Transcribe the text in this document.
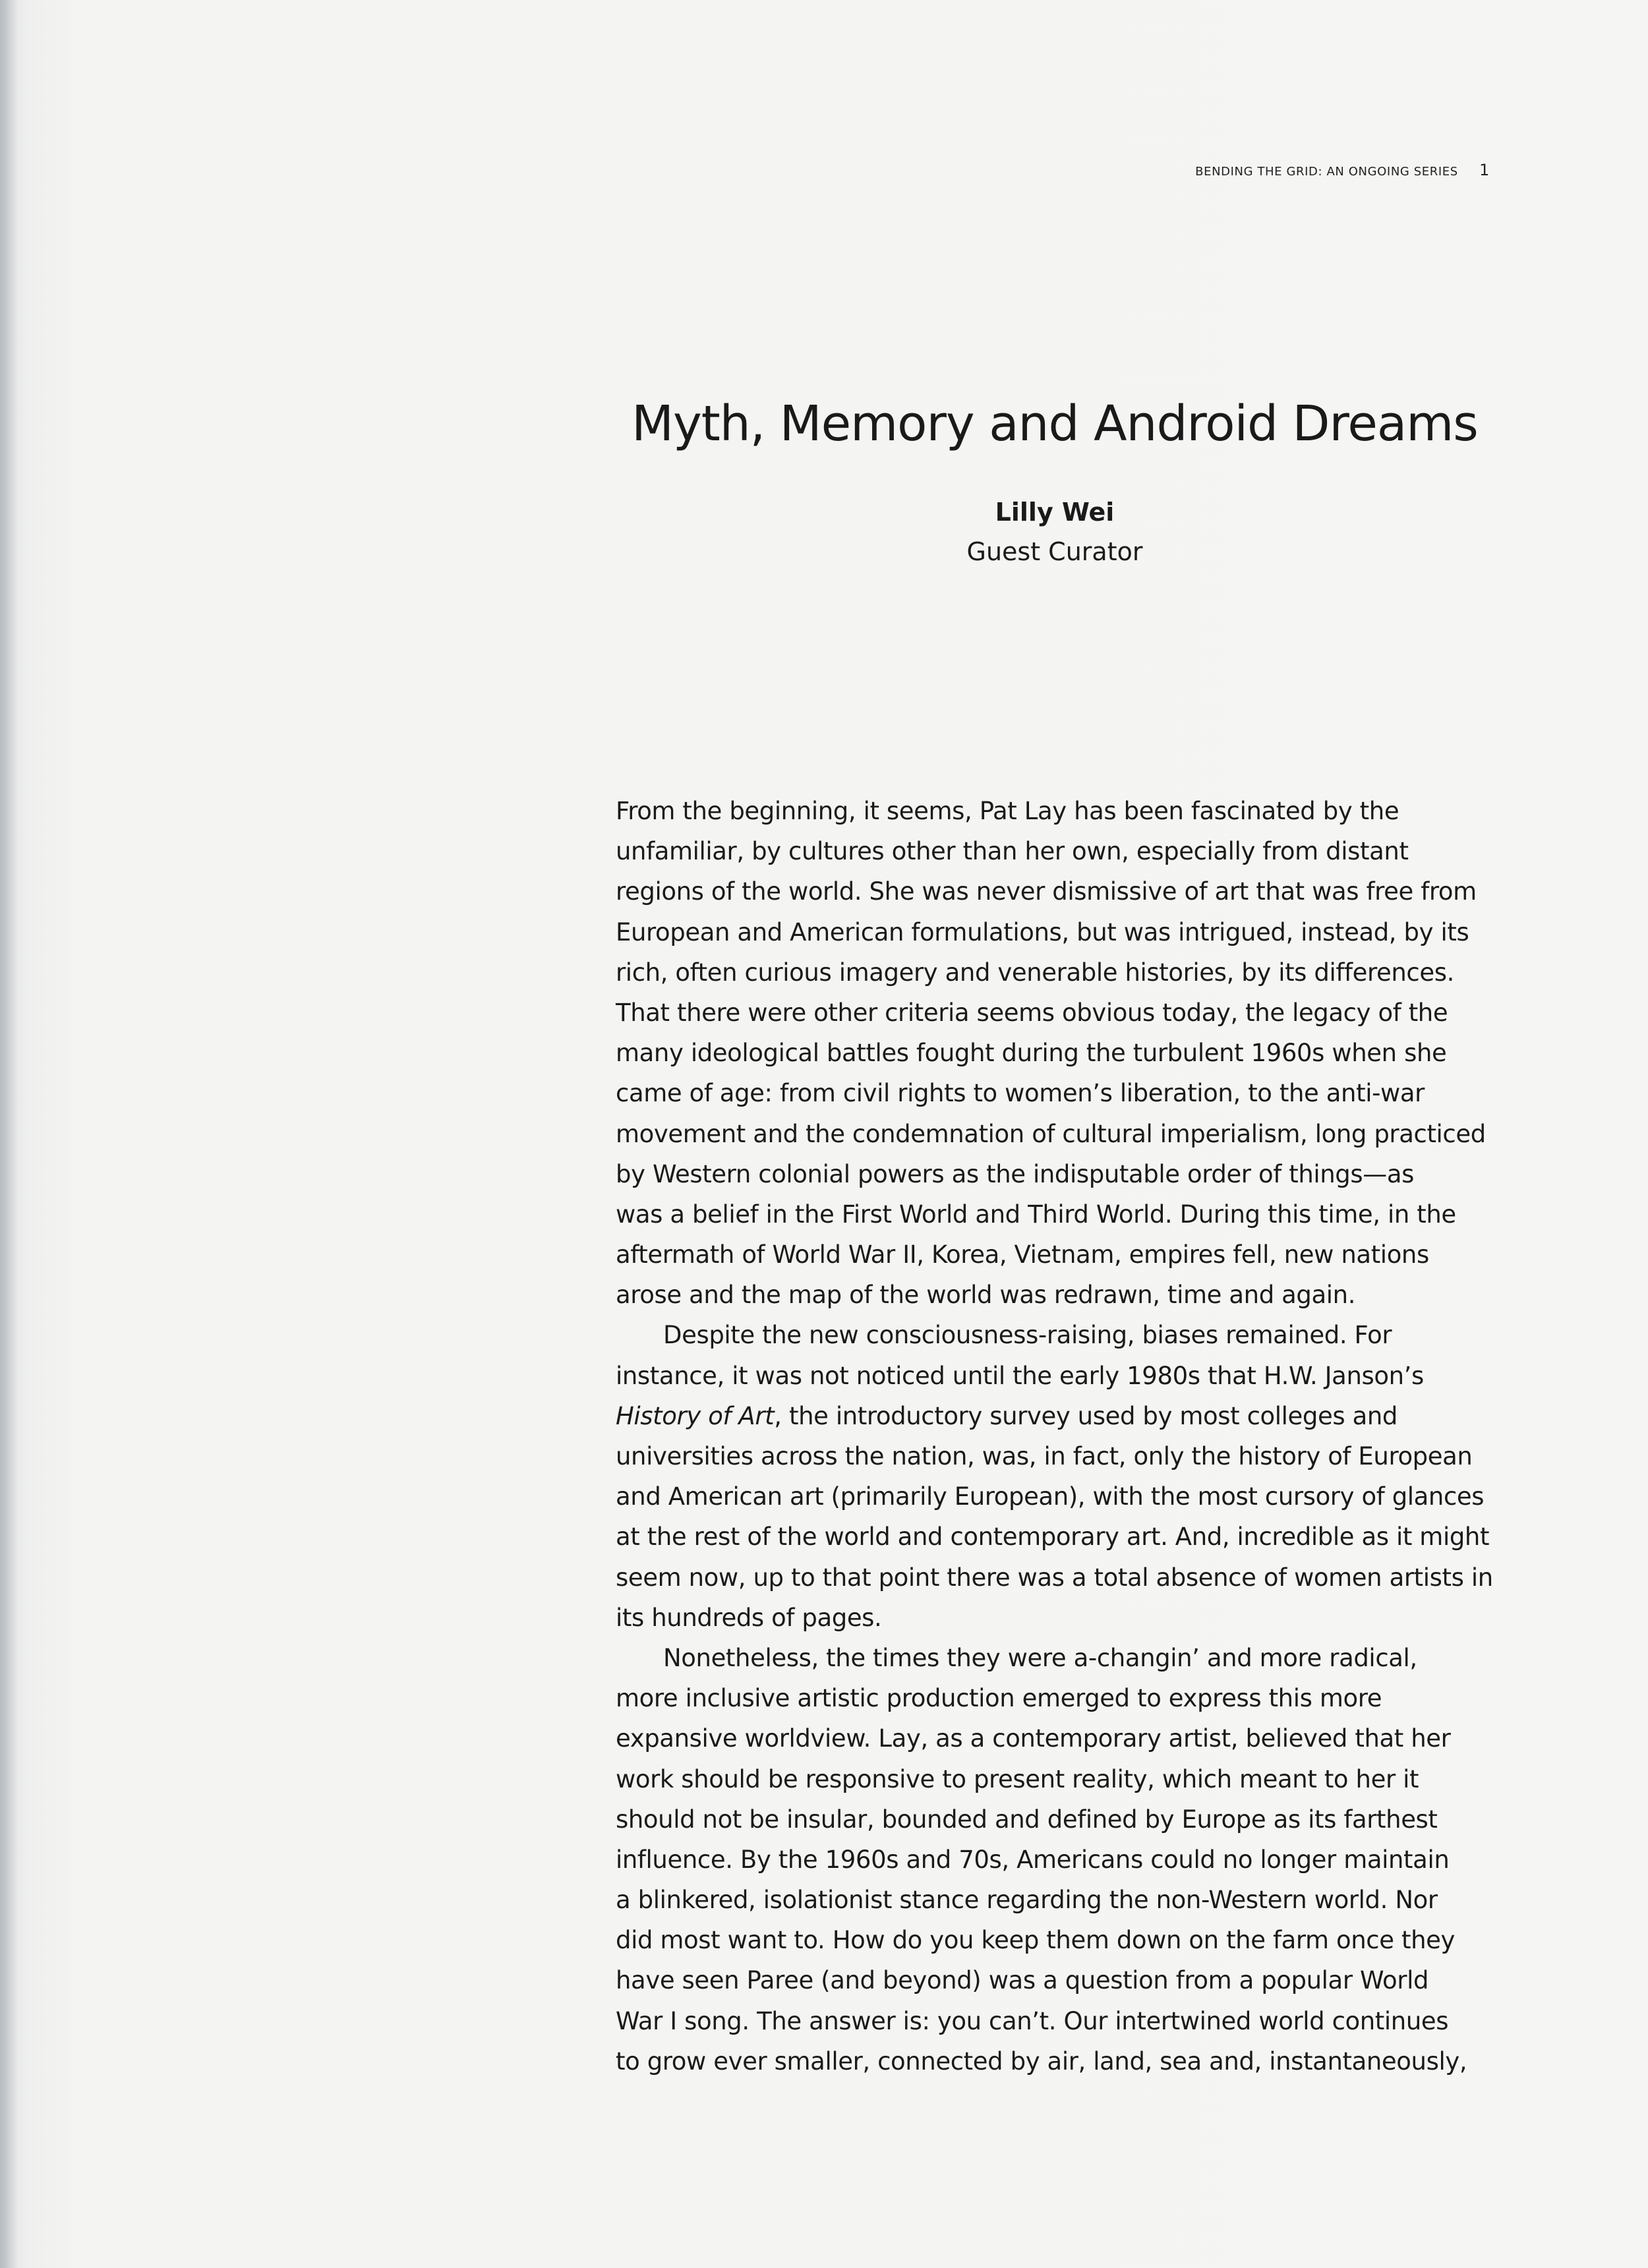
BENDING THE GRID: AN ONGOING SERIES 1
Myth, Memory and Android Dreams
Lilly Wei
Guest Curator
From the beginning, it seems, Pat Lay has been fascinated by the
unfamiliar, by cultures other than her own, especially from distant
regions of the world. She was never dismissive of art that was free from
European and American formulations, but was intrigued, instead, by its
rich, often curious imagery and venerable histories, by its differences.
That there were other criteria seems obvious today, the legacy of the
many ideological battles fought during the turbulent 1960s when she
came of age: from civil rights to women’s liberation, to the anti-war
movement and the condemnation of cultural imperialism, long practiced
by Western colonial powers as the indisputable order of things—as
was a belief in the First World and Third World. During this time, in the
aftermath of World War II, Korea, Vietnam, empires fell, new nations
arose and the map of the world was redrawn, time and again.
Despite the new consciousness-raising, biases remained. For
instance, it was not noticed until the early 1980s that H.W. Janson’s
History of Art, the introductory survey used by most colleges and
universities across the nation, was, in fact, only the history of European
and American art (primarily European), with the most cursory of glances
at the rest of the world and contemporary art. And, incredible as it might
seem now, up to that point there was a total absence of women artists in
its hundreds of pages.
Nonetheless, the times they were a-changin’ and more radical,
more inclusive artistic production emerged to express this more
expansive worldview. Lay, as a contemporary artist, believed that her
work should be responsive to present reality, which meant to her it
should not be insular, bounded and defined by Europe as its farthest
influence. By the 1960s and 70s, Americans could no longer maintain
a blinkered, isolationist stance regarding the non-Western world. Nor
did most want to. How do you keep them down on the farm once they
have seen Paree (and beyond) was a question from a popular World
War I song. The answer is: you can’t. Our intertwined world continues
to grow ever smaller, connected by air, land, sea and, instantaneously,
